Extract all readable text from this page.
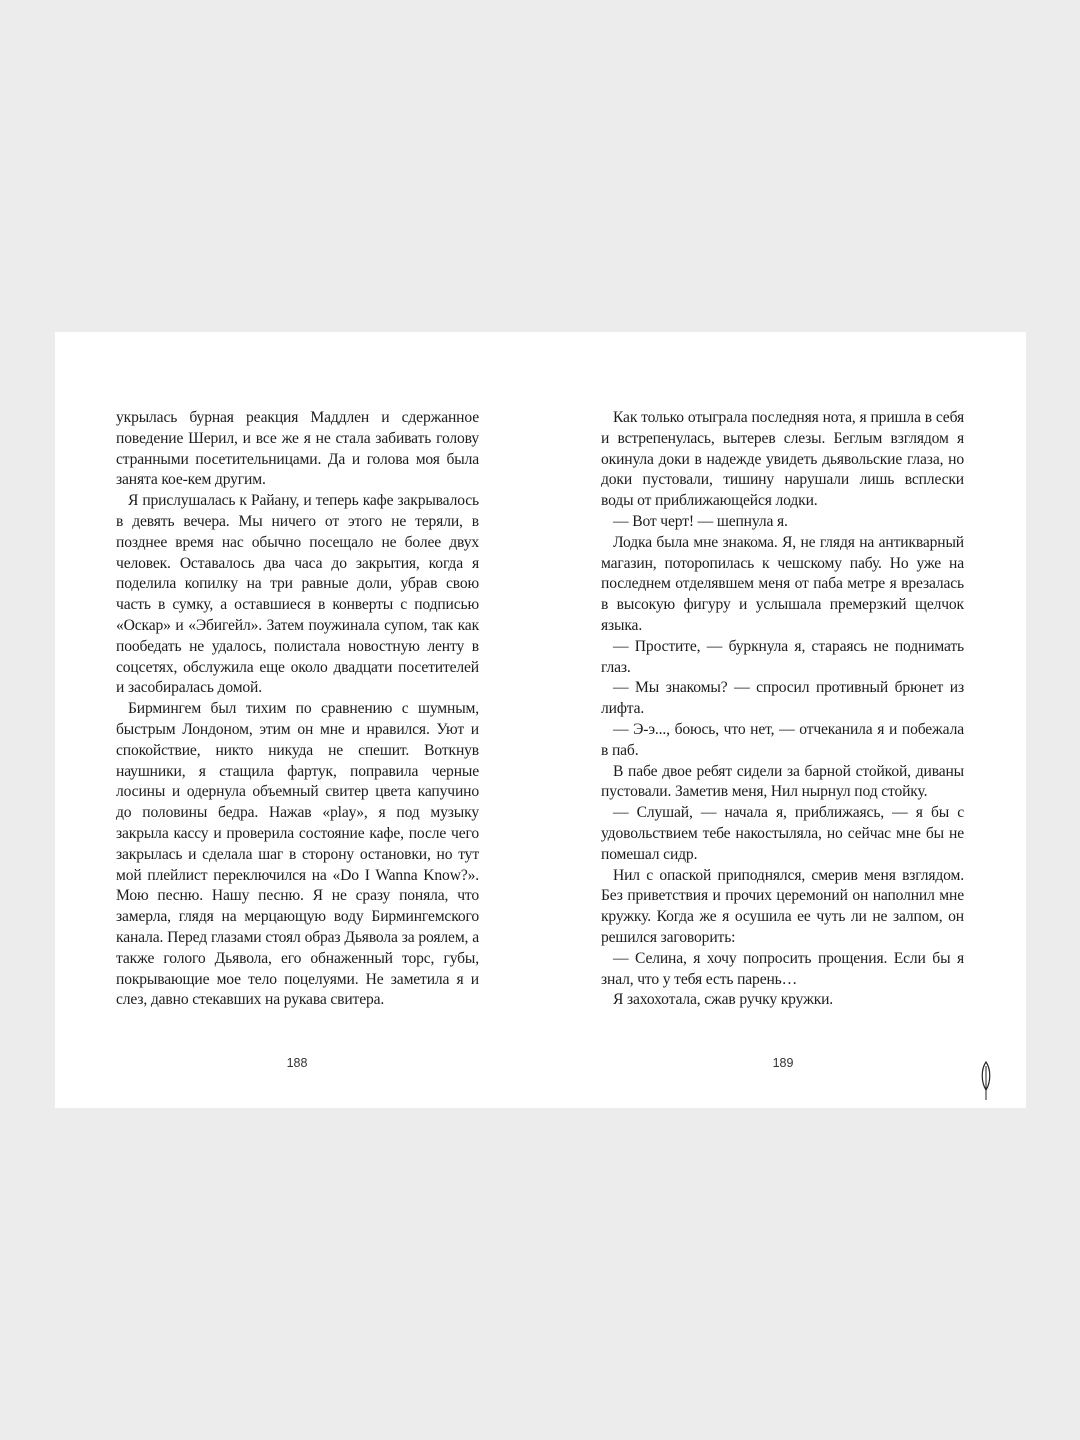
укрылась бурная реакция Маддлен и сдержанное поведение Шерил, и все же я не стала забивать голову странными посетительницами. Да и голова моя была занята кое-кем другим.

Я прислушалась к Райану, и теперь кафе закрывалось в девять вечера. Мы ничего от этого не теряли, в позднее время нас обычно посещало не более двух человек. Оставалось два часа до закрытия, когда я поделила копилку на три равные доли, убрав свою часть в сумку, а оставшиеся в конверты с подписью «Оскар» и «Эбигейл». Затем поужинала супом, так как пообедать не удалось, полистала новостную ленту в соцсетях, обслужила еще около двадцати посетителей и засобиралась домой.

Бирмингем был тихим по сравнению с шумным, быстрым Лондоном, этим он мне и нравился. Уют и спокойствие, никто никуда не спешит. Воткнув наушники, я стащила фартук, поправила черные лосины и одернула объемный свитер цвета капучино до половины бедра. Нажав «play», я под музыку закрыла кассу и проверила состояние кафе, после чего закрылась и сделала шаг в сторону остановки, но тут мой плейлист переключился на «Do I Wanna Know?». Мою песню. Нашу песню. Я не сразу поняла, что замерла, глядя на мерцающую воду Бирмингемского канала. Перед глазами стоял образ Дьявола за роялем, а также голого Дьявола, его обнаженный торс, губы, покрывающие мое тело поцелуями. Не заметила я и слез, давно стекавших на рукава свитера.

Как только отыграла последняя нота, я пришла в себя и встрепенулась, вытерев слезы. Беглым взглядом я окинула доки в надежде увидеть дьявольские глаза, но доки пустовали, тишину нарушали лишь всплески воды от приближающейся лодки.

— Вот черт! — шепнула я.

Лодка была мне знакома. Я, не глядя на антикварный магазин, поторопилась к чешскому пабу. Но уже на последнем отделявшем меня от паба метре я врезалась в высокую фигуру и услышала премерзкий щелчок языка.

— Простите, — буркнула я, стараясь не поднимать глаз.

— Мы знакомы? — спросил противный брюнет из лифта.

— Э-э..., боюсь, что нет, — отчеканила я и побежала в паб.

В пабе двое ребят сидели за барной стойкой, диваны пустовали. Заметив меня, Нил нырнул под стойку.

— Слушай, — начала я, приближаясь, — я бы с удовольствием тебе накостыляла, но сейчас мне бы не помешал сидр.

Нил с опаской приподнялся, смерив меня взглядом. Без приветствия и прочих церемоний он наполнил мне кружку. Когда же я осушила ее чуть ли не залпом, он решился заговорить:

— Селина, я хочу попросить прощения. Если бы я знал, что у тебя есть парень…

Я захохотала, сжав ручку кружки.

188	189
